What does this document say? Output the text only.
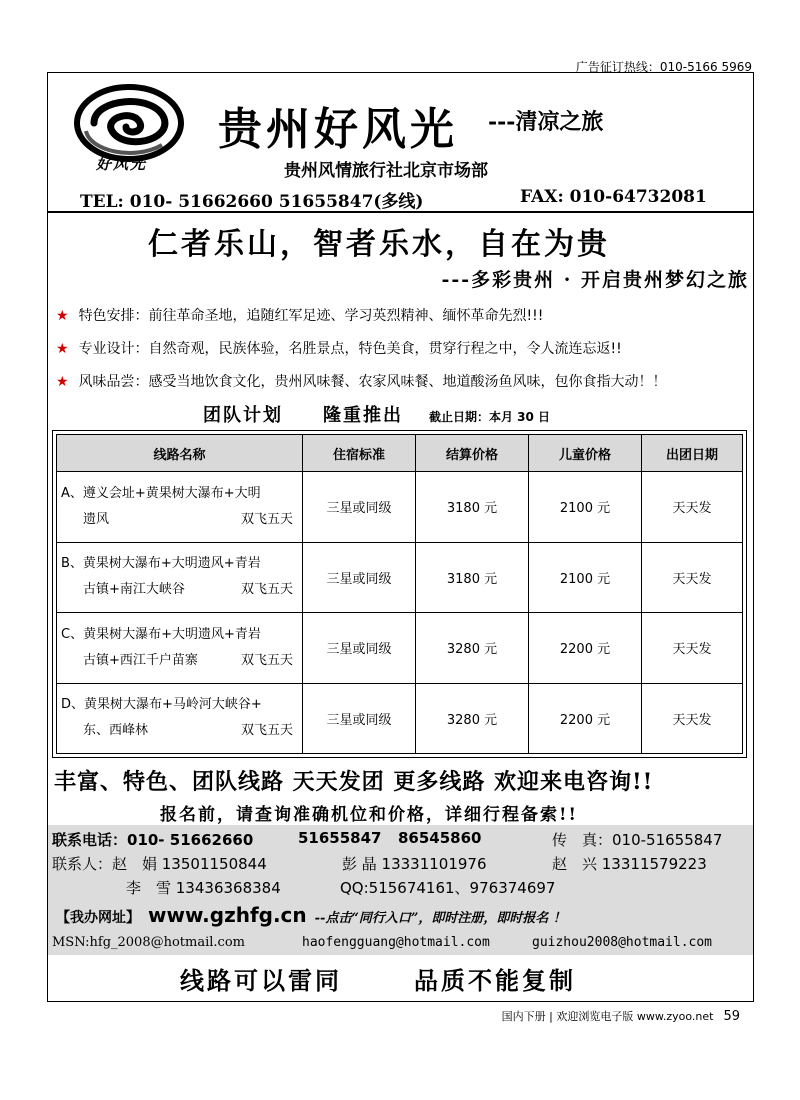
广告征订热线：010-5166 5969
好风光
贵州好风光 ---清凉之旅
贵州风情旅行社北京市场部
TEL: 010- 51662660 51655847(多线)	FAX: 010-64732081
仁者乐山，智者乐水，自在为贵
---多彩贵州 · 开启贵州梦幻之旅
★ 特色安排：前往革命圣地，追随红军足迹、学习英烈精神、缅怀革命先烈!!!
★ 专业设计：自然奇观，民族体验，名胜景点，特色美食，贯穿行程之中，令人流连忘返!!
★ 风味品尝：感受当地饮食文化，贵州风味餐、农家风味餐、地道酸汤鱼风味，包你食指大动！！
团队计划 隆重推出 截止日期：本月 30 日
线路名称	住宿标准	结算价格	儿童价格	出团日期

A、遵义会址+黄果树大瀑布+大明
遗风 双飞五天	三星或同级	3180 元	2100 元	天天发

B、黄果树大瀑布+大明遗风+青岩
古镇+南江大峡谷 双飞五天	三星或同级	3180 元	2100 元	天天发

C、黄果树大瀑布+大明遗风+青岩
古镇+西江千户苗寨 双飞五天	三星或同级	3280 元	2200 元	天天发

D、黄果树大瀑布+马岭河大峡谷+
东、西峰林 双飞五天	三星或同级	3280 元	2200 元	天天发
丰富、特色、团队线路 天天发团 更多线路 欢迎来电咨询!!
报名前，请查询准确机位和价格，详细行程备索!!
联系电话：010- 51662660	51655847 86545860	传　真：010-51655847
联系人：赵　娟 13501150844	彭 晶 13331101976	赵　兴 13311579223
李　雪 13436368384	QQ:515674161、976374697
【我办网址】 www.gzhfg.cn --点击“同行入口”，即时注册，即时报名 ！
MSN:hfg_2008@hotmail.com	haofengguang@hotmail.com	guizhou2008@hotmail.com
线路可以雷同	品质不能复制
国内下册 | 欢迎浏览电子版 www.zyoo.net 59
